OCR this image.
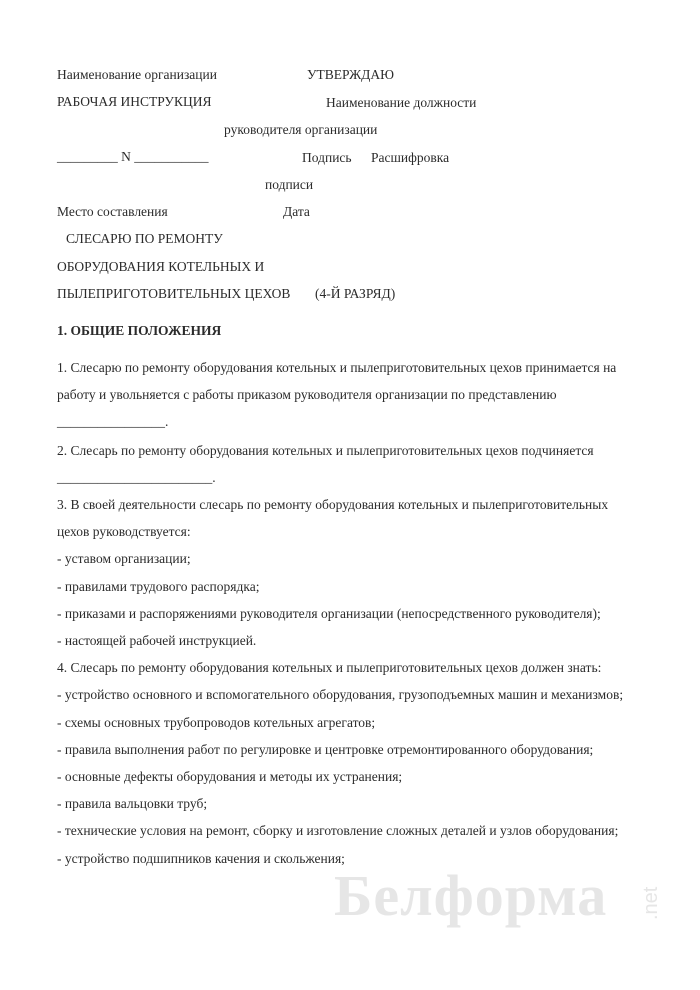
Наименование организации	УТВЕРЖДАЮ
РАБОЧАЯ ИНСТРУКЦИЯ	Наименование должности
руководителя организации
_________ N ___________	Подпись Расшифровка
подписи
Место составления	Дата
СЛЕСАРЮ ПО РЕМОНТУ
ОБОРУДОВАНИЯ КОТЕЛЬНЫХ И
ПЫЛЕПРИГОТОВИТЕЛЬНЫХ ЦЕХОВ (4-Й РАЗРЯД)
1. ОБЩИЕ ПОЛОЖЕНИЯ
1. Слесарю по ремонту оборудования котельных и пылеприготовительных цехов принимается на
работу и увольняется с работы приказом руководителя организации по представлению
________________.
2. Слесарь по ремонту оборудования котельных и пылеприготовительных цехов подчиняется
_______________________.
3. В своей деятельности слесарь по ремонту оборудования котельных и пылеприготовительных
цехов руководствуется:
- уставом организации;
- правилами трудового распорядка;
- приказами и распоряжениями руководителя организации (непосредственного руководителя);
- настоящей рабочей инструкцией.
4. Слесарь по ремонту оборудования котельных и пылеприготовительных цехов должен знать:
- устройство основного и вспомогательного оборудования, грузоподъемных машин и механизмов;
- схемы основных трубопроводов котельных агрегатов;
- правила выполнения работ по регулировке и центровке отремонтированного оборудования;
- основные дефекты оборудования и методы их устранения;
- правила вальцовки труб;
- технические условия на ремонт, сборку и изготовление сложных деталей и узлов оборудования;
- устройство подшипников качения и скольжения;
Белформа .net
